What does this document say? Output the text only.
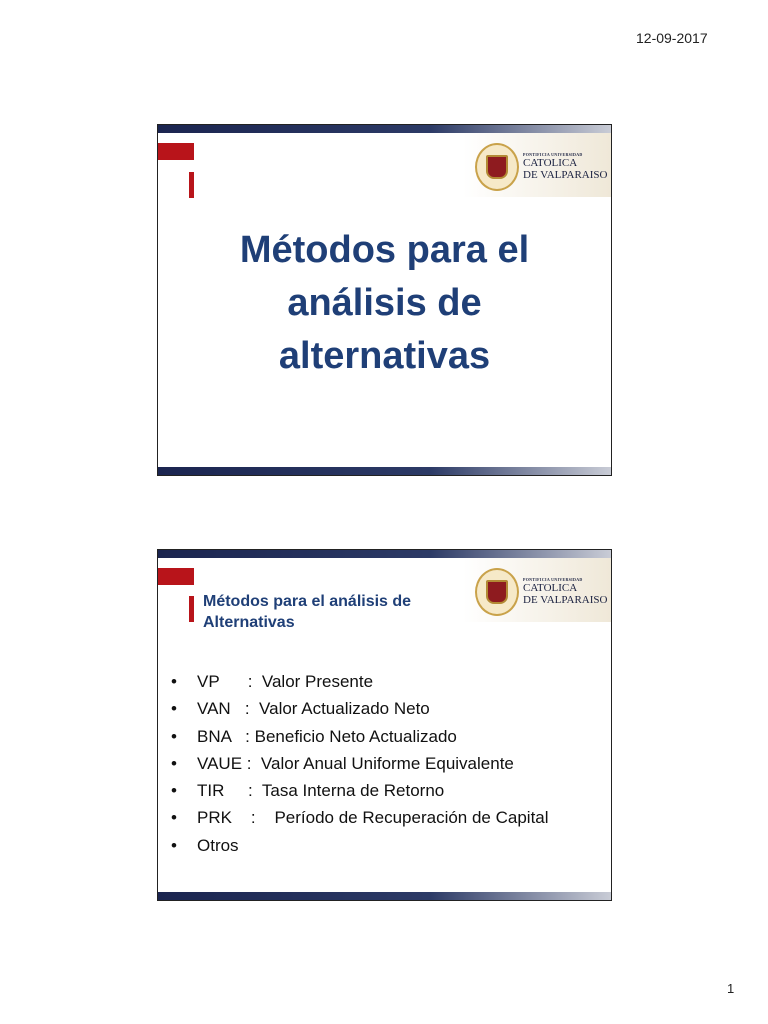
12-09-2017
PONTIFICIA UNIVERSIDAD
CATOLICA
DE VALPARAISO
Métodos para el
análisis de
alternativas
PONTIFICIA UNIVERSIDAD
CATOLICA
DE VALPARAISO
Métodos para el análisis de
Alternativas
• VP      :  Valor Presente
• VAN   :  Valor Actualizado Neto
• BNA   : Beneficio Neto Actualizado
• VAUE :  Valor Anual Uniforme Equivalente
• TIR     :  Tasa Interna de Retorno
• PRK    :    Período de Recuperación de Capital
• Otros
1
